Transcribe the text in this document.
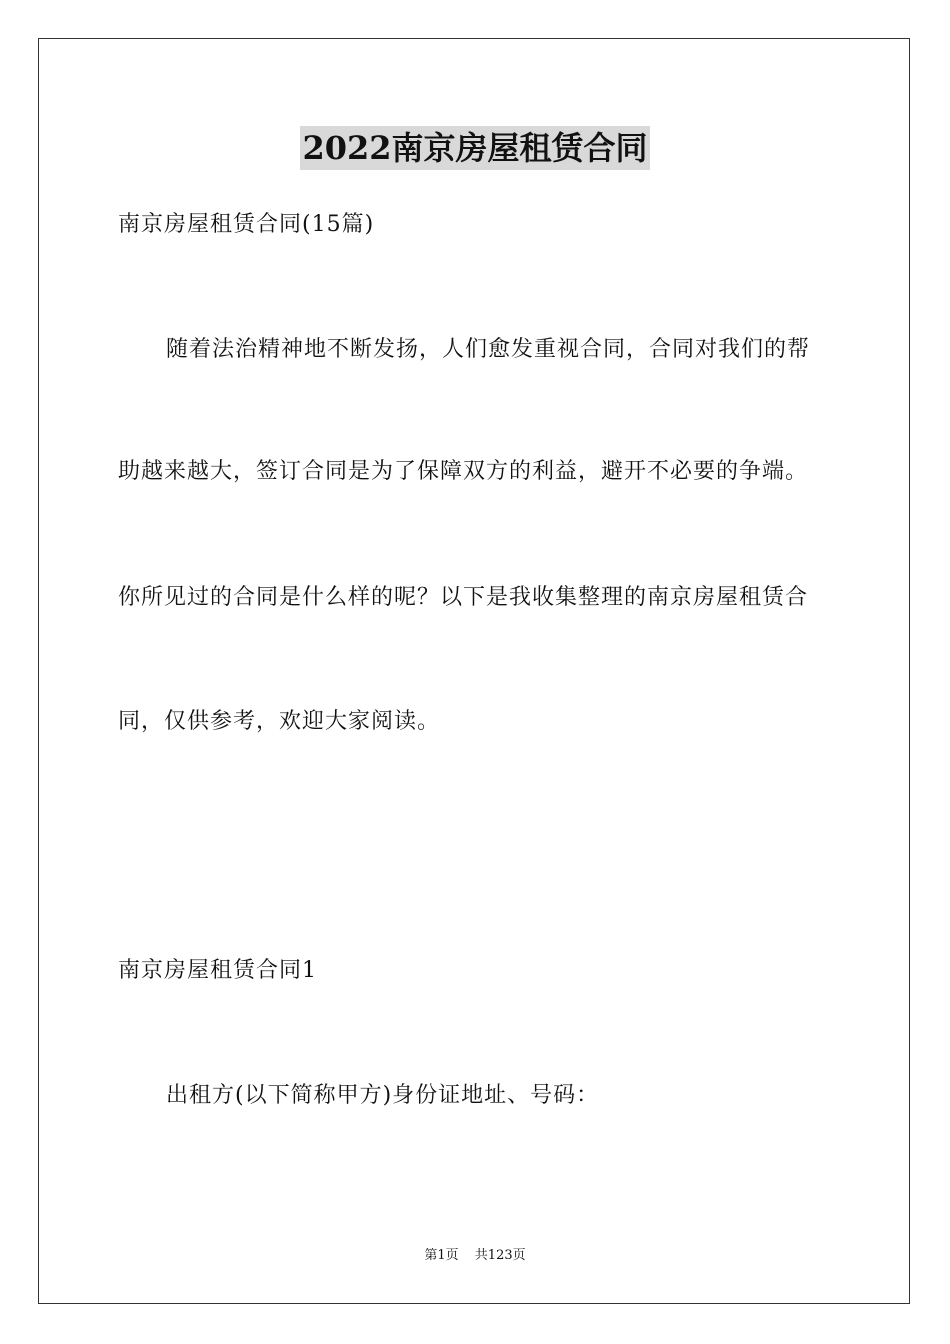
2022南京房屋租赁合同
南京房屋租赁合同(15篇)
随着法治精神地不断发扬，人们愈发重视合同，合同对我们的帮
助越来越大，签订合同是为了保障双方的利益，避开不必要的争端。
你所见过的合同是什么样的呢？以下是我收集整理的南京房屋租赁合
同，仅供参考，欢迎大家阅读。
南京房屋租赁合同1
出租方(以下简称甲方)身份证地址、号码：
第1页 共123页
